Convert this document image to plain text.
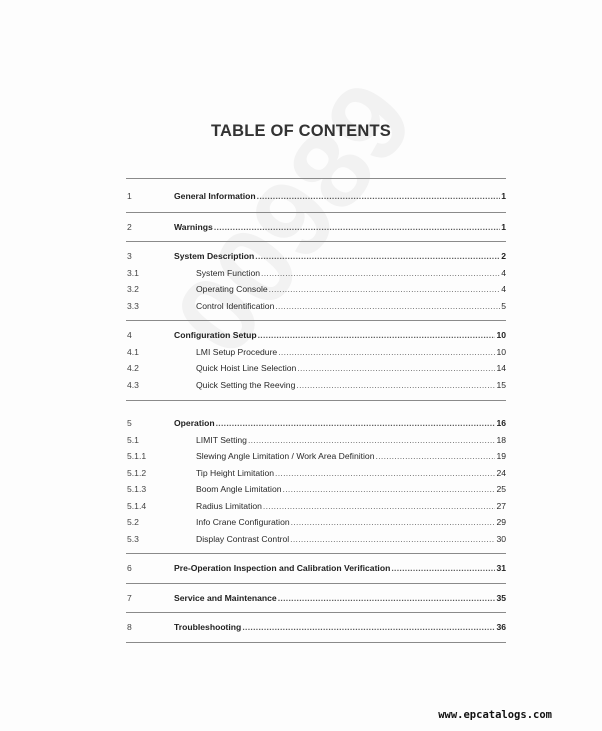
TABLE OF CONTENTS
1	General Information .....	1
2	Warnings .....	1
3	System Description .....	2
3.1	System Function .....	4
3.2	Operating Console .....	4
3.3	Control Identification .....	5
4	Configuration Setup .....	10
4.1	LMI Setup Procedure .....	10
4.2	Quick Hoist Line Selection .....	14
4.3	Quick Setting the Reeving .....	15
5	Operation .....	16
5.1	LIMIT Setting .....	18
5.1.1	Slewing Angle Limitation / Work Area Definition .....	19
5.1.2	Tip Height Limitation .....	24
5.1.3	Boom Angle Limitation .....	25
5.1.4	Radius Limitation .....	27
5.2	Info Crane Configuration .....	29
5.3	Display Contrast Control .....	30
6	Pre-Operation Inspection and Calibration Verification .....	31
7	Service and Maintenance .....	35
8	Troubleshooting .....	36
www.epcatalogs.com
